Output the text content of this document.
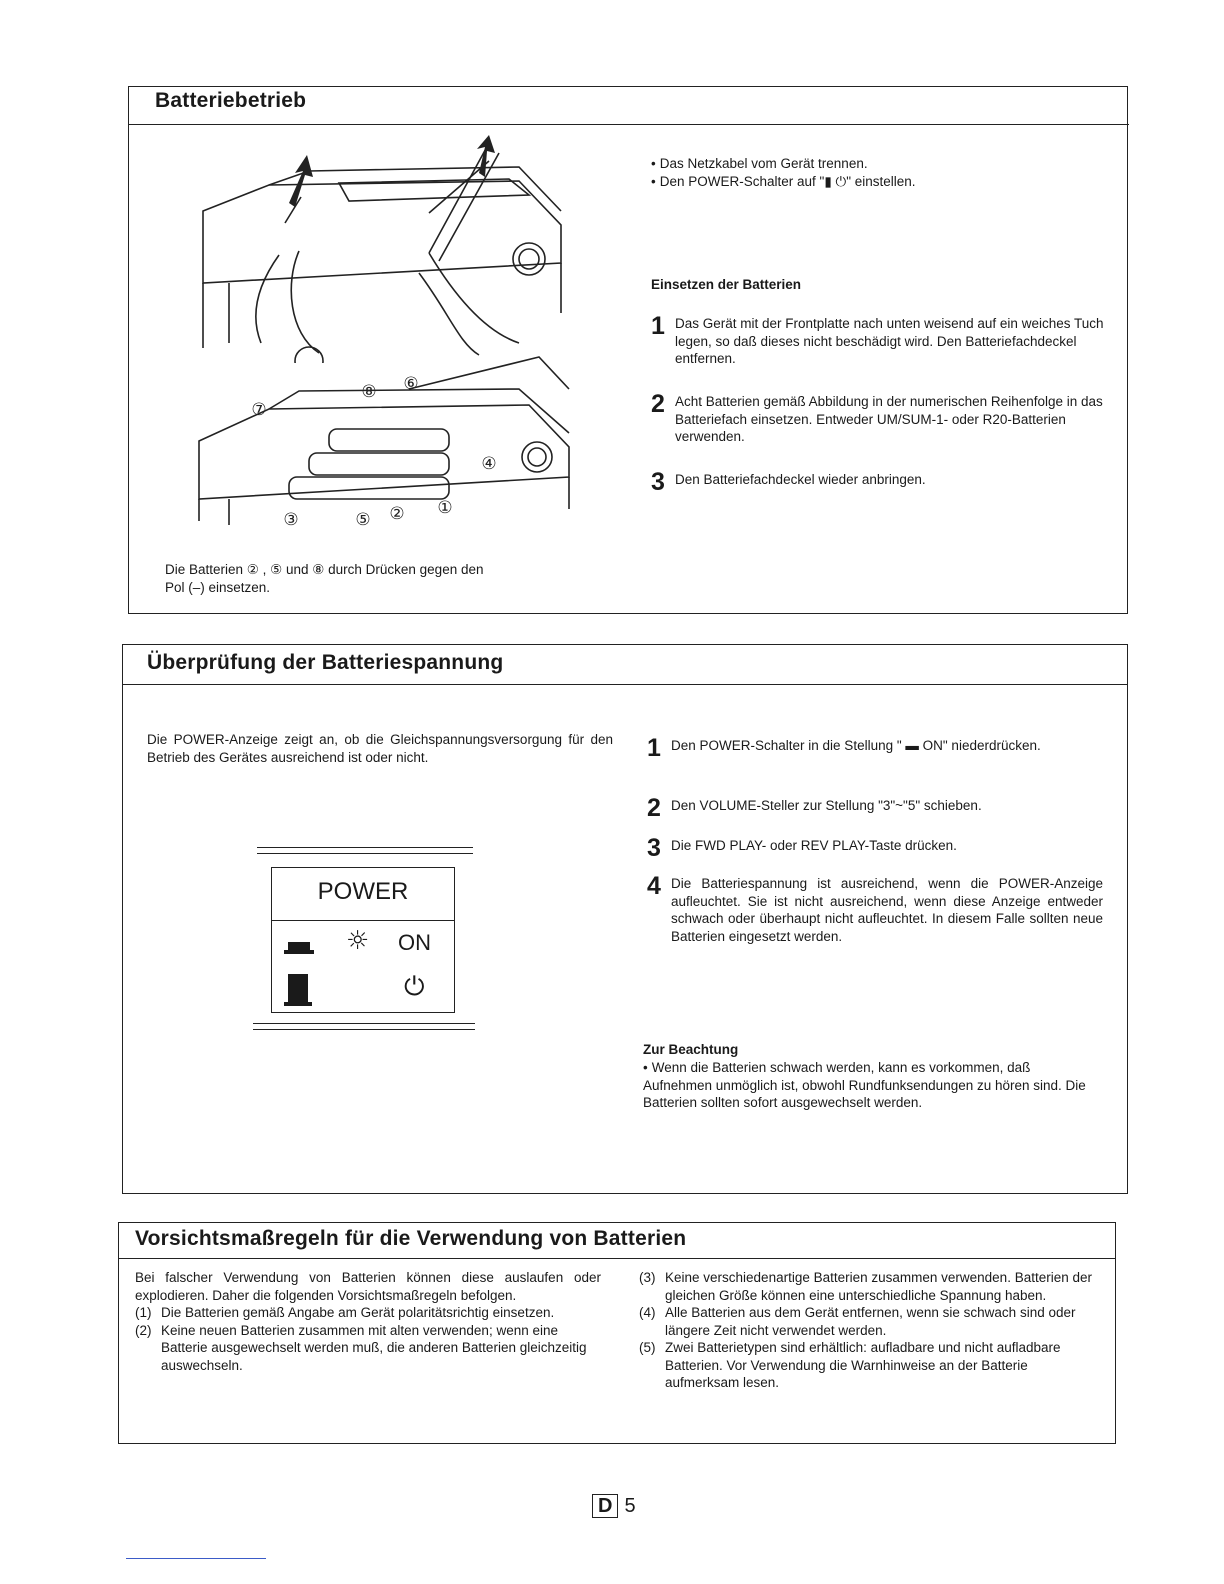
Batteriebetrieb
⑧ ⑥
⑦
④
③	⑤ ② ①
Die Batterien ② , ⑤ und ⑧ durch Drücken gegen den
Pol (–) einsetzen.
• Das Netzkabel vom Gerät trennen.
• Den POWER-Schalter auf "▮ ⏻" einstellen.
Einsetzen der Batterien
1 Das Gerät mit der Frontplatte nach unten weisend auf ein weiches Tuch legen, so daß dieses nicht beschädigt wird. Den Batteriefachdeckel entfernen.
2 Acht Batterien gemäß Abbildung in der numerischen Reihenfolge in das Batteriefach einsetzen. Entweder UM/SUM-1- oder R20-Batterien verwenden.
3 Den Batteriefachdeckel wieder anbringen.
Überprüfung der Batteriespannung
Die POWER-Anzeige zeigt an, ob die Gleichspannungsversorgung für den Betrieb des Gerätes ausreichend ist oder nicht.
POWER
☼ ON
⏻
1 Den POWER-Schalter in die Stellung " ▬ ON" niederdrücken.
2 Den VOLUME-Steller zur Stellung "3"~"5" schieben.
3 Die FWD PLAY- oder REV PLAY-Taste drücken.
4 Die Batteriespannung ist ausreichend, wenn die POWER-Anzeige aufleuchtet. Sie ist nicht ausreichend, wenn diese Anzeige entweder schwach oder überhaupt nicht aufleuchtet. In diesem Falle sollten neue Batterien eingesetzt werden.
Zur Beachtung
• Wenn die Batterien schwach werden, kann es vorkommen, daß Aufnehmen unmöglich ist, obwohl Rundfunksendungen zu hören sind. Die Batterien sollten sofort ausgewechselt werden.
Vorsichtsmaßregeln für die Verwendung von Batterien
Bei falscher Verwendung von Batterien können diese auslaufen oder explodieren. Daher die folgenden Vorsichtsmaßregeln befolgen.
(1) Die Batterien gemäß Angabe am Gerät polaritätsrichtig einsetzen.
(2) Keine neuen Batterien zusammen mit alten verwenden; wenn eine Batterie ausgewechselt werden muß, die anderen Batterien gleichzeitig auswechseln.
(3) Keine verschiedenartige Batterien zusammen verwenden. Batterien der gleichen Größe können eine unterschiedliche Spannung haben.
(4) Alle Batterien aus dem Gerät entfernen, wenn sie schwach sind oder längere Zeit nicht verwendet werden.
(5) Zwei Batterietypen sind erhältlich: aufladbare und nicht aufladbare Batterien. Vor Verwendung die Warnhinweise an der Batterie aufmerksam lesen.
D 5
